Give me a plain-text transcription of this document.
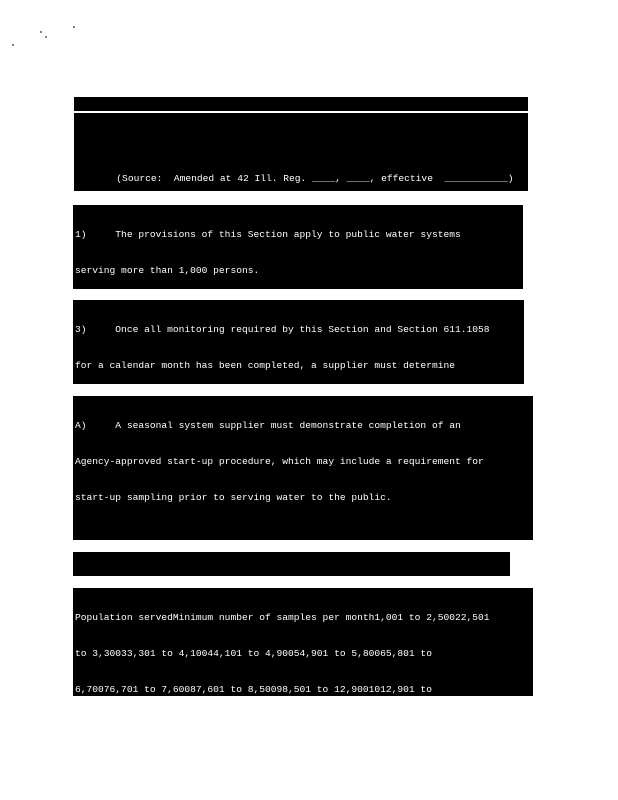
(Source:  Amended at 42 Ill. Reg. ____, ____, effective  ___________)

1)     The provisions of this Section apply to public water systems

serving more than 1,000 persons.

3)     Once all monitoring required by this Section and Section 611.1058

for a calendar month has been completed, a supplier must determine

A)     A seasonal system supplier must demonstrate completion of an

Agency-approved start-up procedure, which may include a requirement for

start-up sampling prior to serving water to the public.

Population servedMinimum number of samples per month1,001 to 2,50022,501

to 3,30033,301 to 4,10044,101 to 4,90054,901 to 5,80065,801 to

6,70076,701 to 7,60087,601 to 8,50098,501 to 12,9001012,901 to
